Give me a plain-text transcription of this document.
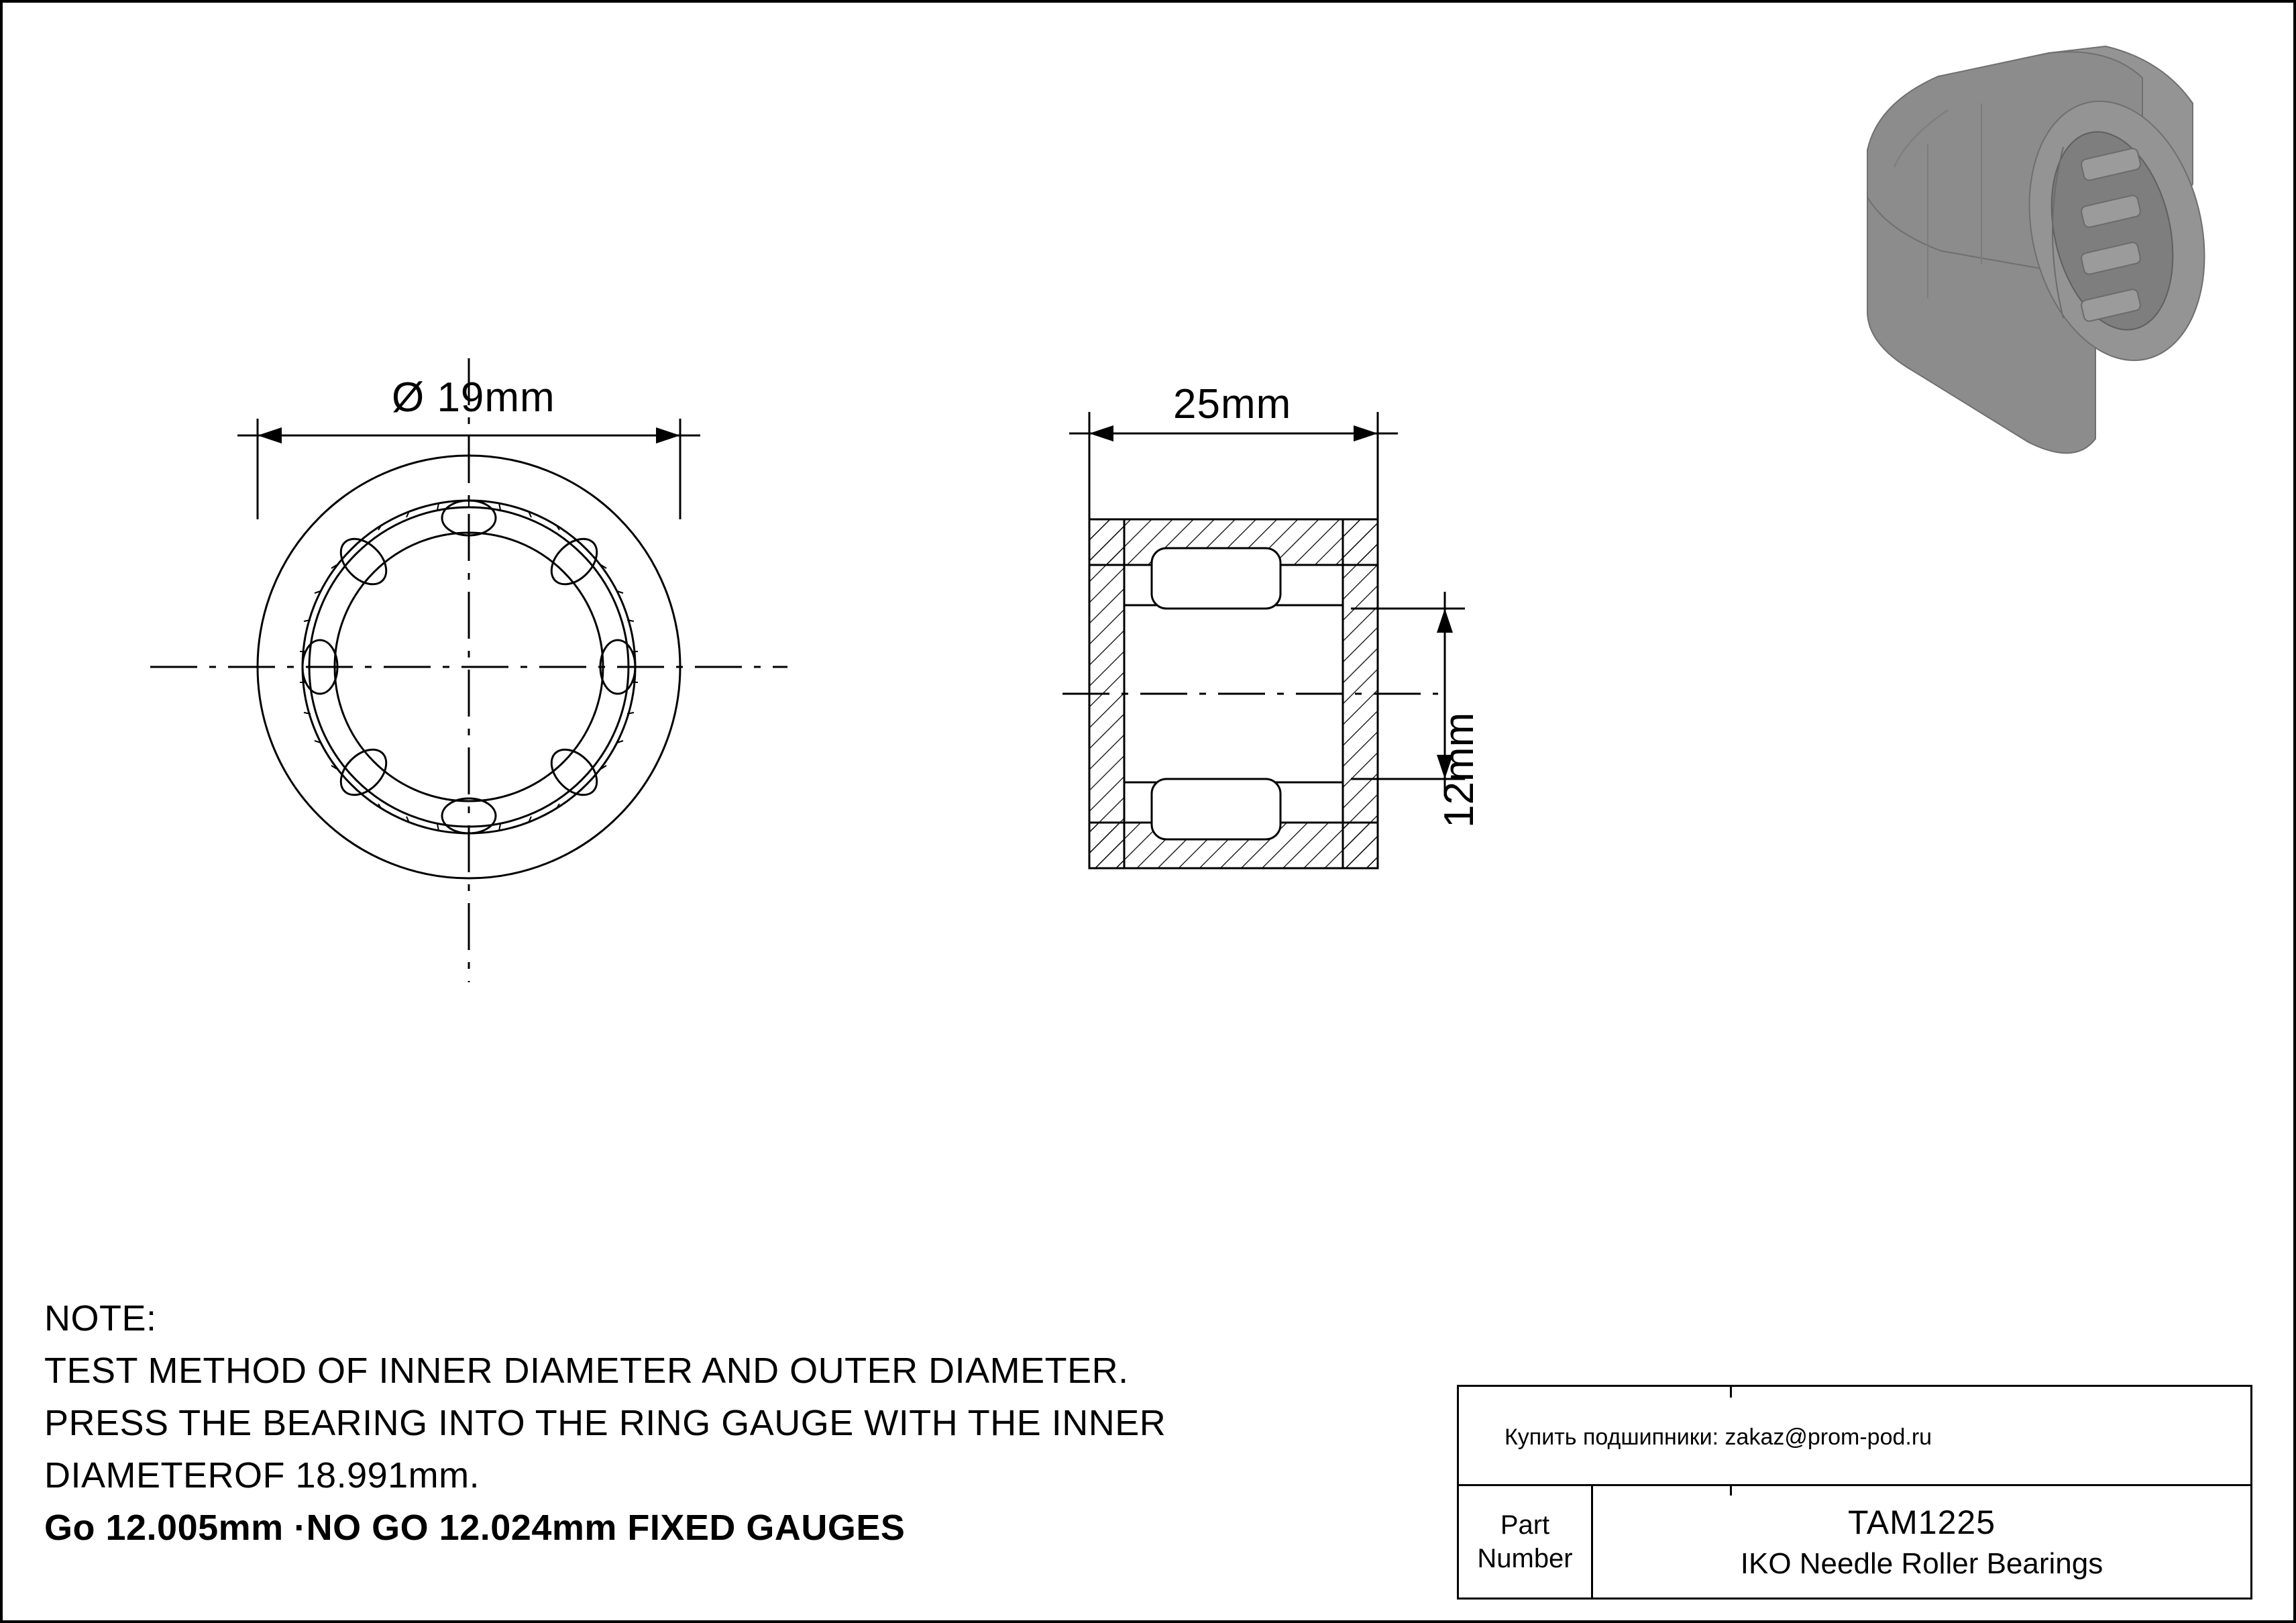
Ø 19mm	25mm
12mm
NOTE:
TEST METHOD OF INNER DIAMETER AND OUTER DIAMETER.
PRESS THE BEARING INTO THE RING GAUGE WITH THE INNER
DIAMETEROF 18.991mm.
Go 12.005mm ·NO GO 12.024mm FIXED GAUGES
Купить подшипники: zakaz@prom-pod.ru
Part
Number
TAM1225
IKO Needle Roller Bearings
